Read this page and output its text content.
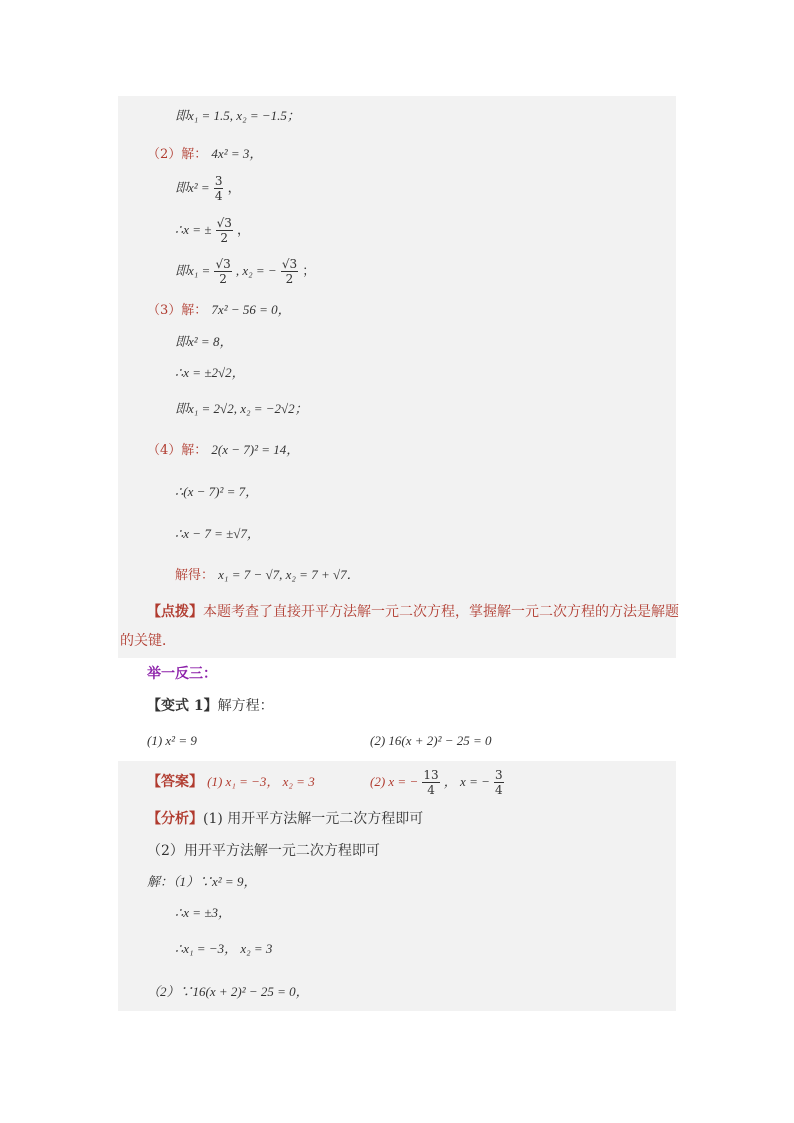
即x₁ = 1.5, x₂ = −1.5；
（2）解： 4x² = 3，
即$x^2 = \frac{3}{4}$ ，
∴x = ± $\frac{√3}{2}$ ，
即$x_1 = \frac{√3}{2}$ , x₂ = − $\frac{√3}{2}$ ；
（3）解： 7x² − 56 = 0，
即x² = 8，
∴x = ±2√2，
即x₁ = 2√2, x₂ = −2√2；
（4）解： 2(x − 7)² = 14，
∴(x − 7)² = 7，
∴x − 7 = ±√7，
解得： x₁ = 7 − √7, x₂ = 7 + √7．
【点拨】本题考查了直接开平方法解一元二次方程，掌握解一元二次方程的方法是解题
的关键．
举一反三：
【变式 1】解方程：
(1) x² = 9	(2) 16(x + 2)² − 25 = 0
【答案】 (1) x₁ = −3， x₂ = 3	(2) x = − $\frac{13}{4}$ ， x = − $\frac{3}{4}$
【分析】(1) 用开平方法解一元二次方程即可
（2）用开平方法解一元二次方程即可
解：（1）∵x² = 9，
∴x = ±3，
∴x₁ = −3， x₂ = 3
（2）∵16(x + 2)² − 25 = 0，
